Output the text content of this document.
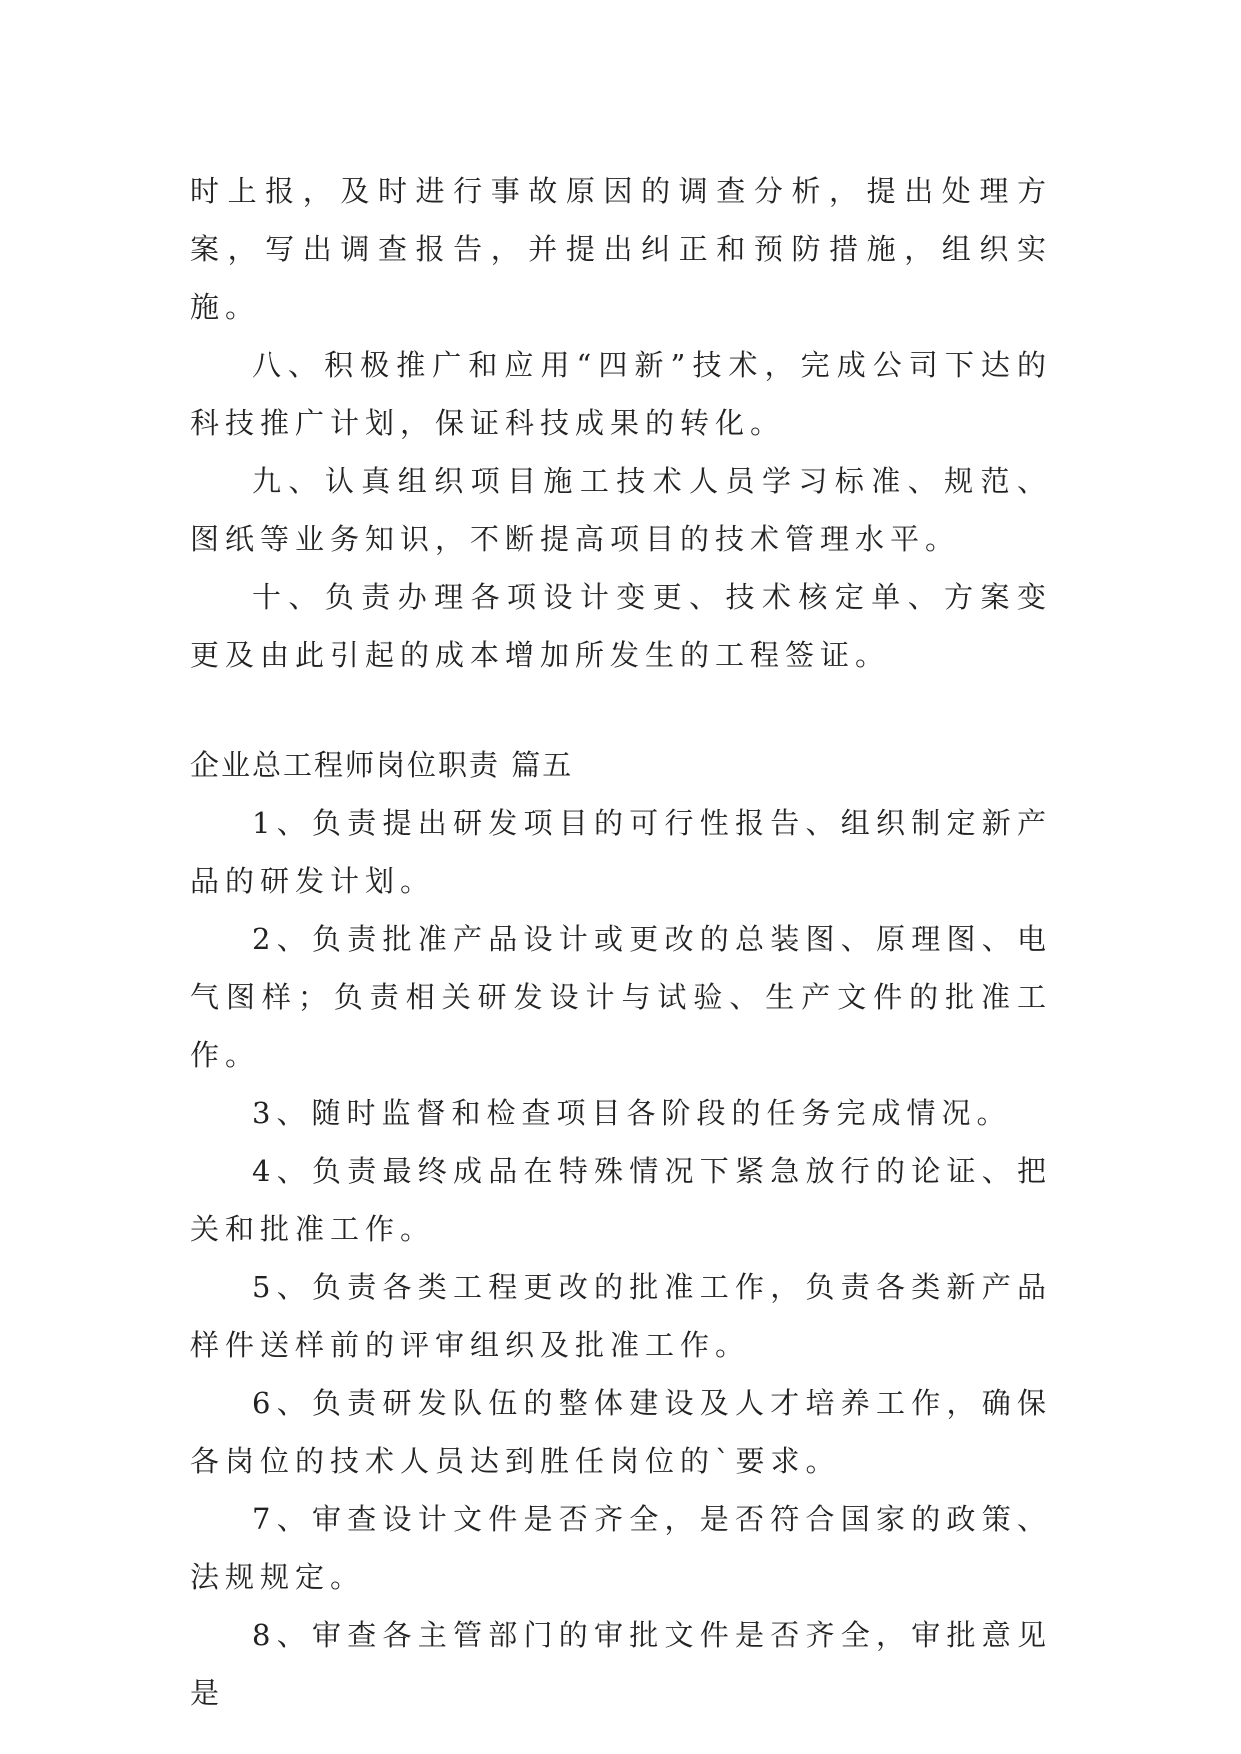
时上报，及时进行事故原因的调查分析，提出处理方案，写出调查报告，并提出纠正和预防措施，组织实施。

八、积极推广和应用“四新”技术，完成公司下达的科技推广计划，保证科技成果的转化。

九、认真组织项目施工技术人员学习标准、规范、图纸等业务知识，不断提高项目的技术管理水平。

十、负责办理各项设计变更、技术核定单、方案变更及由此引起的成本增加所发生的工程签证。

企业总工程师岗位职责 篇五

1、负责提出研发项目的可行性报告、组织制定新产品的研发计划。

2、负责批准产品设计或更改的总装图、原理图、电气图样；负责相关研发设计与试验、生产文件的批准工作。

3、随时监督和检查项目各阶段的任务完成情况。

4、负责最终成品在特殊情况下紧急放行的论证、把关和批准工作。

5、负责各类工程更改的批准工作，负责各类新产品样件送样前的评审组织及批准工作。

6、负责研发队伍的整体建设及人才培养工作，确保各岗位的技术人员达到胜任岗位的`要求。

7、审查设计文件是否齐全，是否符合国家的政策、法规规定。

8、审查各主管部门的审批文件是否齐全，审批意见是
